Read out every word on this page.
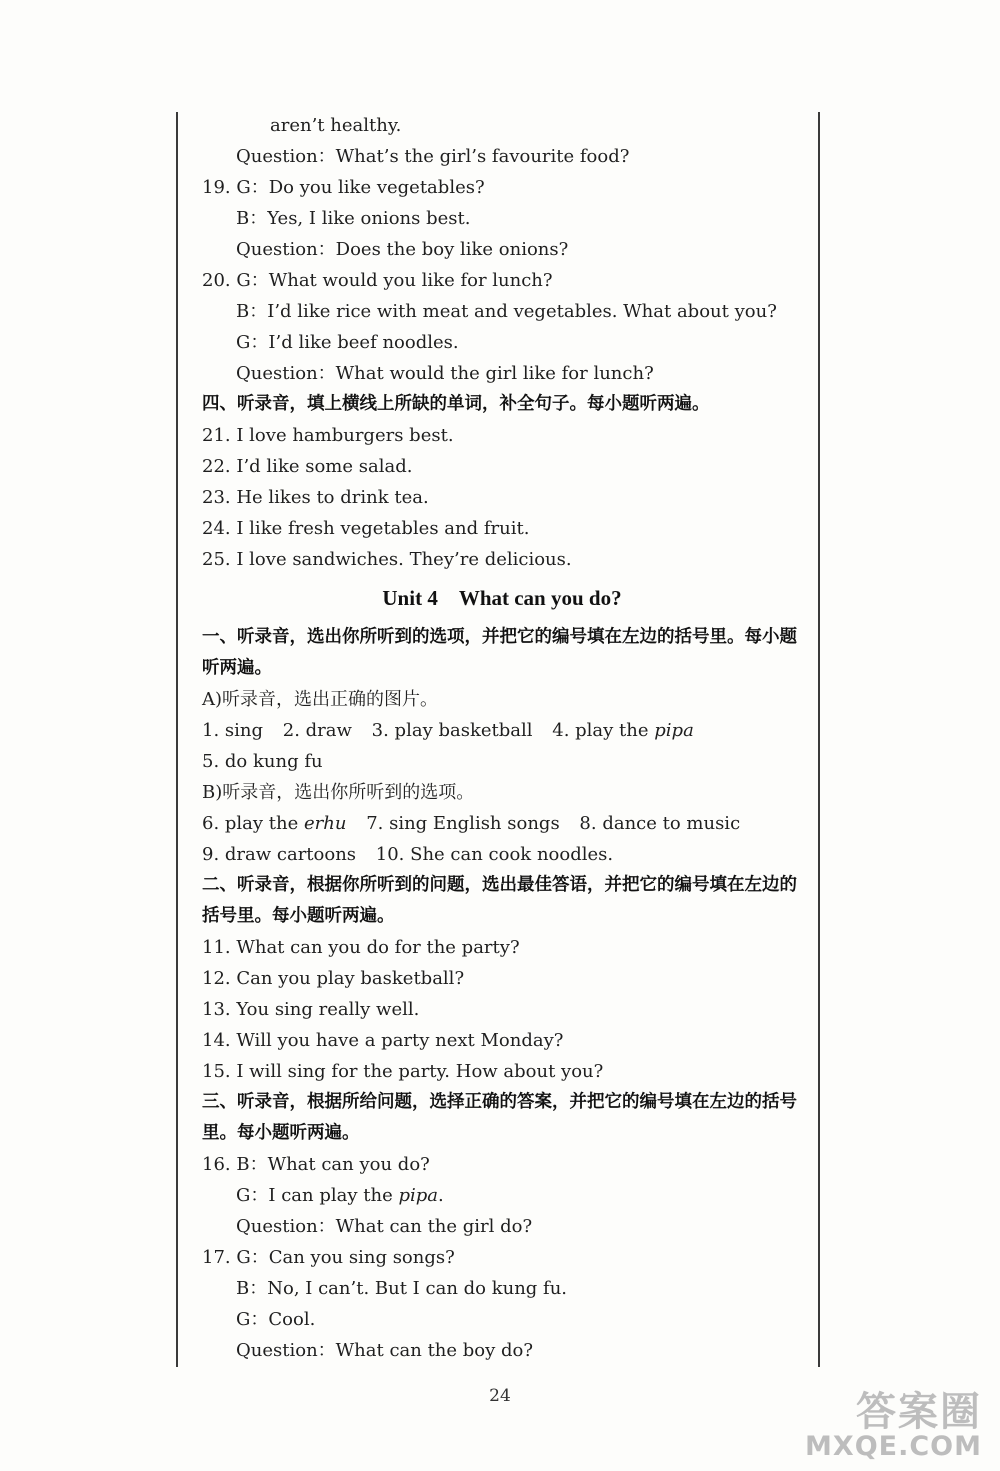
aren’t healthy.
Question：What’s the girl’s favourite food?
19. G：Do you like vegetables?
B：Yes, I like onions best.
Question：Does the boy like onions?
20. G：What would you like for lunch?
B：I’d like rice with meat and vegetables. What about you?
G：I’d like beef noodles.
Question：What would the girl like for lunch?
四、听录音，填上横线上所缺的单词，补全句子。每小题听两遍。
21. I love hamburgers best.
22. I’d like some salad.
23. He likes to drink tea.
24. I like fresh vegetables and fruit.
25. I love sandwiches. They’re delicious.
Unit 4　What can you do?
一、听录音，选出你所听到的选项，并把它的编号填在左边的括号里。每小题听两遍。
A)听录音，选出正确的图片。
1. sing 2. draw 3. play basketball 4. play the pipa
5. do kung fu
B)听录音，选出你所听到的选项。
6. play the erhu 7. sing English songs 8. dance to music
9. draw cartoons 10. She can cook noodles.
二、听录音，根据你所听到的问题，选出最佳答语，并把它的编号填在左边的括号里。每小题听两遍。
11. What can you do for the party?
12. Can you play basketball?
13. You sing really well.
14. Will you have a party next Monday?
15. I will sing for the party. How about you?
三、听录音，根据所给问题，选择正确的答案，并把它的编号填在左边的括号里。每小题听两遍。
16. B：What can you do?
G：I can play the pipa.
Question：What can the girl do?
17. G：Can you sing songs?
B：No, I can’t. But I can do kung fu.
G：Cool.
Question：What can the boy do?
24	答案圈
MXQE.COM
